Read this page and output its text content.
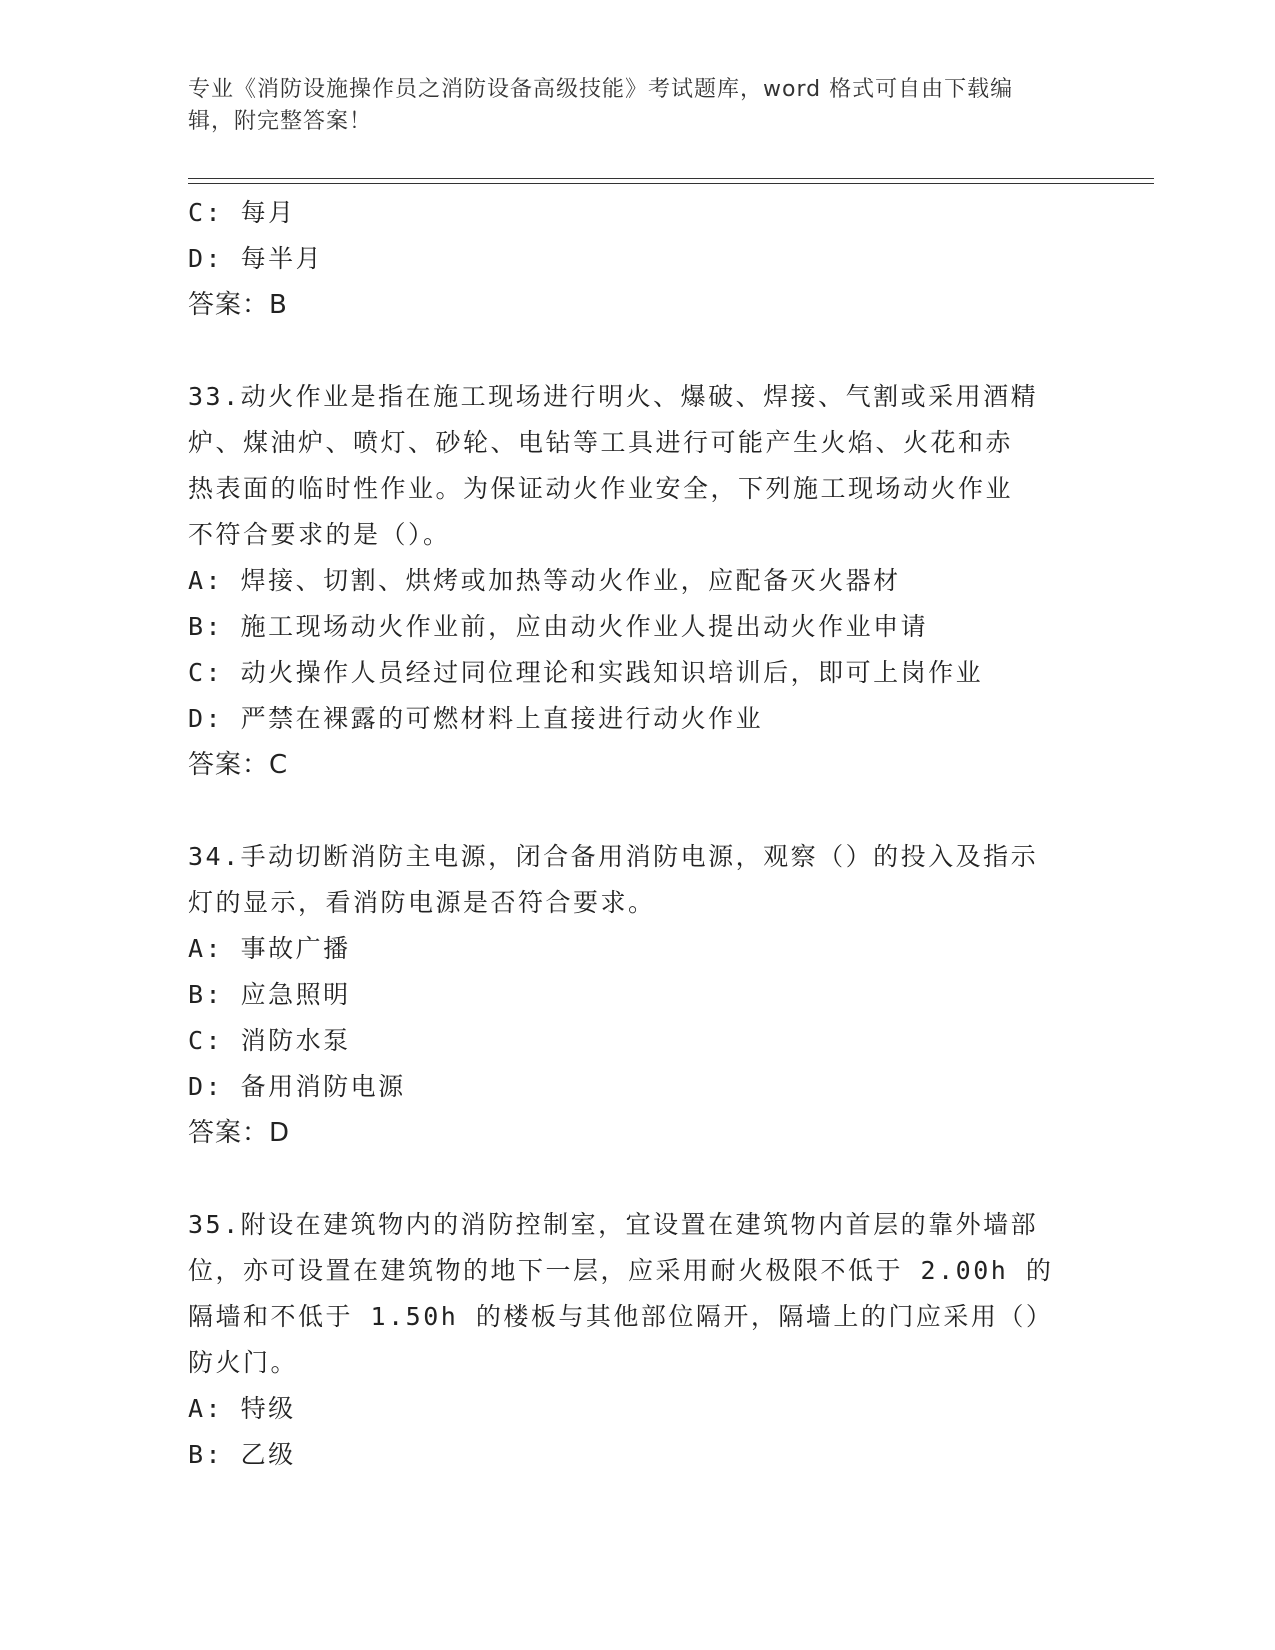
专业《消防设施操作员之消防设备高级技能》考试题库，word 格式可自由下载编
辑，附完整答案！
C: 每月
D: 每半月
答案：B
33.动火作业是指在施工现场进行明火、爆破、焊接、气割或采用酒精
炉、煤油炉、喷灯、砂轮、电钻等工具进行可能产生火焰、火花和赤
热表面的临时性作业。为保证动火作业安全，下列施工现场动火作业
不符合要求的是（）。
A: 焊接、切割、烘烤或加热等动火作业，应配备灭火器材
B: 施工现场动火作业前，应由动火作业人提出动火作业申请
C: 动火操作人员经过同位理论和实践知识培训后，即可上岗作业
D: 严禁在裸露的可燃材料上直接进行动火作业
答案：C
34.手动切断消防主电源，闭合备用消防电源，观察（）的投入及指示
灯的显示，看消防电源是否符合要求。
A: 事故广播
B: 应急照明
C: 消防水泵
D: 备用消防电源
答案：D
35.附设在建筑物内的消防控制室，宜设置在建筑物内首层的靠外墙部
位，亦可设置在建筑物的地下一层，应采用耐火极限不低于 2.00h 的
隔墙和不低于 1.50h 的楼板与其他部位隔开，隔墙上的门应采用（）
防火门。
A: 特级
B: 乙级
